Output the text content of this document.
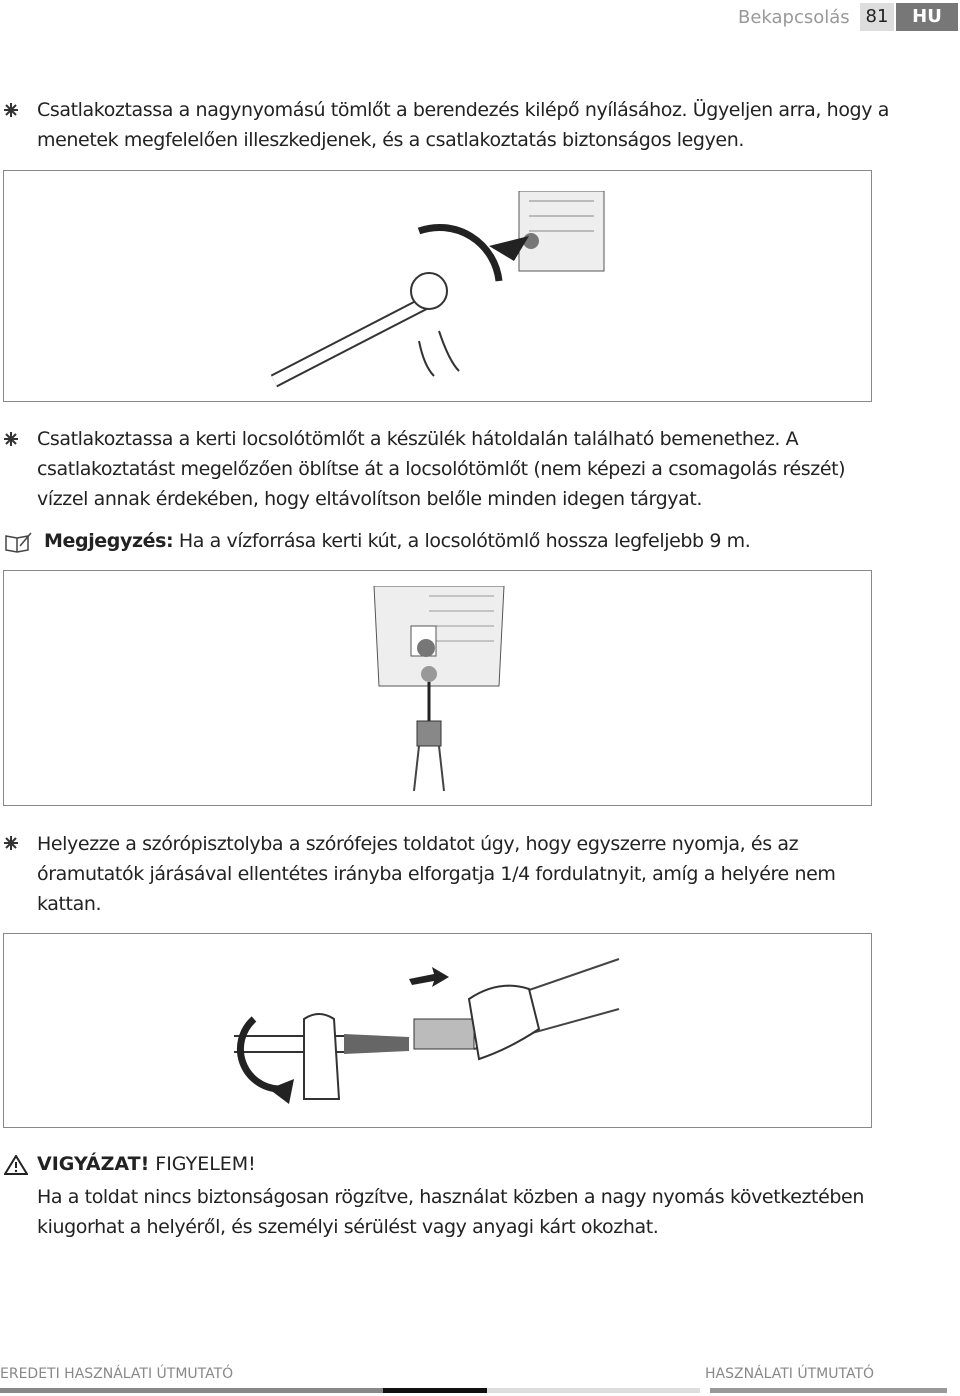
Bekapcsolás 81	HU
Csatlakoztassa a nagynyomású tömlőt a berendezés kilépő nyílásához. Ügyeljen arra, hogy a menetek megfelelően illeszkedjenek, és a csatlakoztatás biztonságos legyen.
Csatlakoztassa a kerti locsolótömlőt a készülék hátoldalán található bemenethez. A csatlakoztatást megelőzően öblítse át a locsolótömlőt (nem képezi a csomagolás részét) vízzel annak érdekében, hogy eltávolítson belőle minden idegen tárgyat.
Megjegyzés: Ha a vízforrása kerti kút, a locsolótömlő hossza legfeljebb 9 m.
Helyezze a szórópisztolyba a szórófejes toldatot úgy, hogy egyszerre nyomja, és az óramutatók járásával ellentétes irányba elforgatja 1/4 fordulatnyit, amíg a helyére nem kattan.
VIGYÁZAT! FIGYELEM!
Ha a toldat nincs biztonságosan rögzítve, használat közben a nagy nyomás következtében kiugorhat a helyéről, és személyi sérülést vagy anyagi kárt okozhat.
EREDETI HASZNÁLATI ÚTMUTATÓ	HASZNÁLATI ÚTMUTATÓ
